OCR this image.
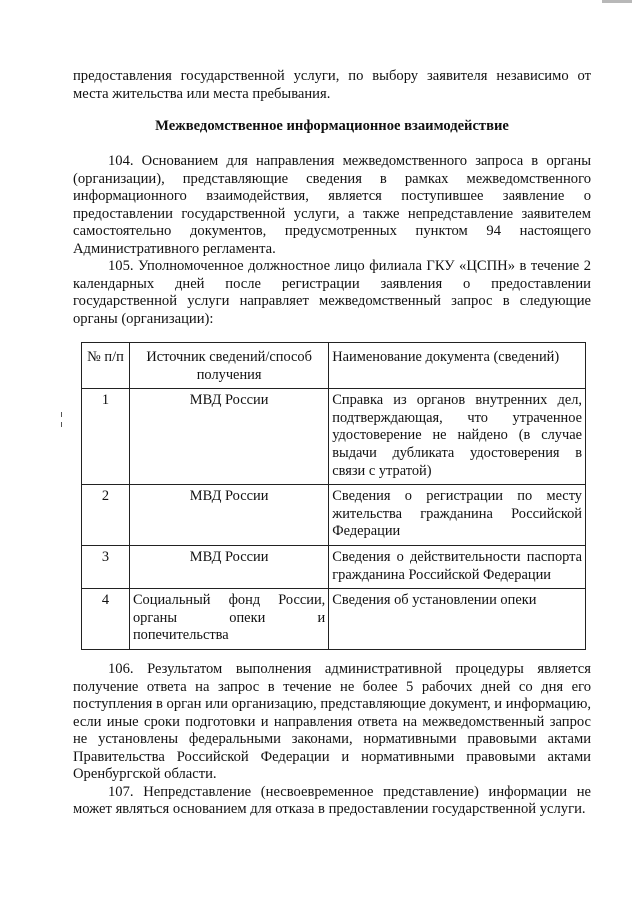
предоставления государственной услуги, по выбору заявителя независимо от места жительства или места пребывания.

Межведомственное информационное взаимодействие

104. Основанием для направления межведомственного запроса в органы (организации), представляющие сведения в рамках межведомственного информационного взаимодействия, является поступившее заявление о предоставлении государственной услуги, а также непредставление заявителем самостоятельно документов, предусмотренных пунктом 94 настоящего Административного регламента.

105. Уполномоченное должностное лицо филиала ГКУ «ЦСПН» в течение 2 календарных дней после регистрации заявления о предоставлении государственной услуги направляет межведомственный запрос в следующие органы (организации):

№ п/п	Источник сведений/способ получения	Наименование документа (сведений)
1	МВД России	Справка из органов внутренних дел, подтверждающая, что утраченное удостоверение не найдено (в случае выдачи дубликата удостоверения в связи с утратой)
2	МВД России	Сведения о регистрации по месту жительства гражданина Российской Федерации
3	МВД России	Сведения о действительности паспорта гражданина Российской Федерации
4	Социальный фонд России, органы опеки и попечительства	Сведения об установлении опеки

106. Результатом выполнения административной процедуры является получение ответа на запрос в течение не более 5 рабочих дней со дня его поступления в орган или организацию, представляющие документ, и информацию, если иные сроки подготовки и направления ответа на межведомственный запрос не установлены федеральными законами, нормативными правовыми актами Правительства Российской Федерации и нормативными правовыми актами Оренбургской области.

107. Непредставление (несвоевременное представление) информации не может являться основанием для отказа в предоставлении государственной услуги.
